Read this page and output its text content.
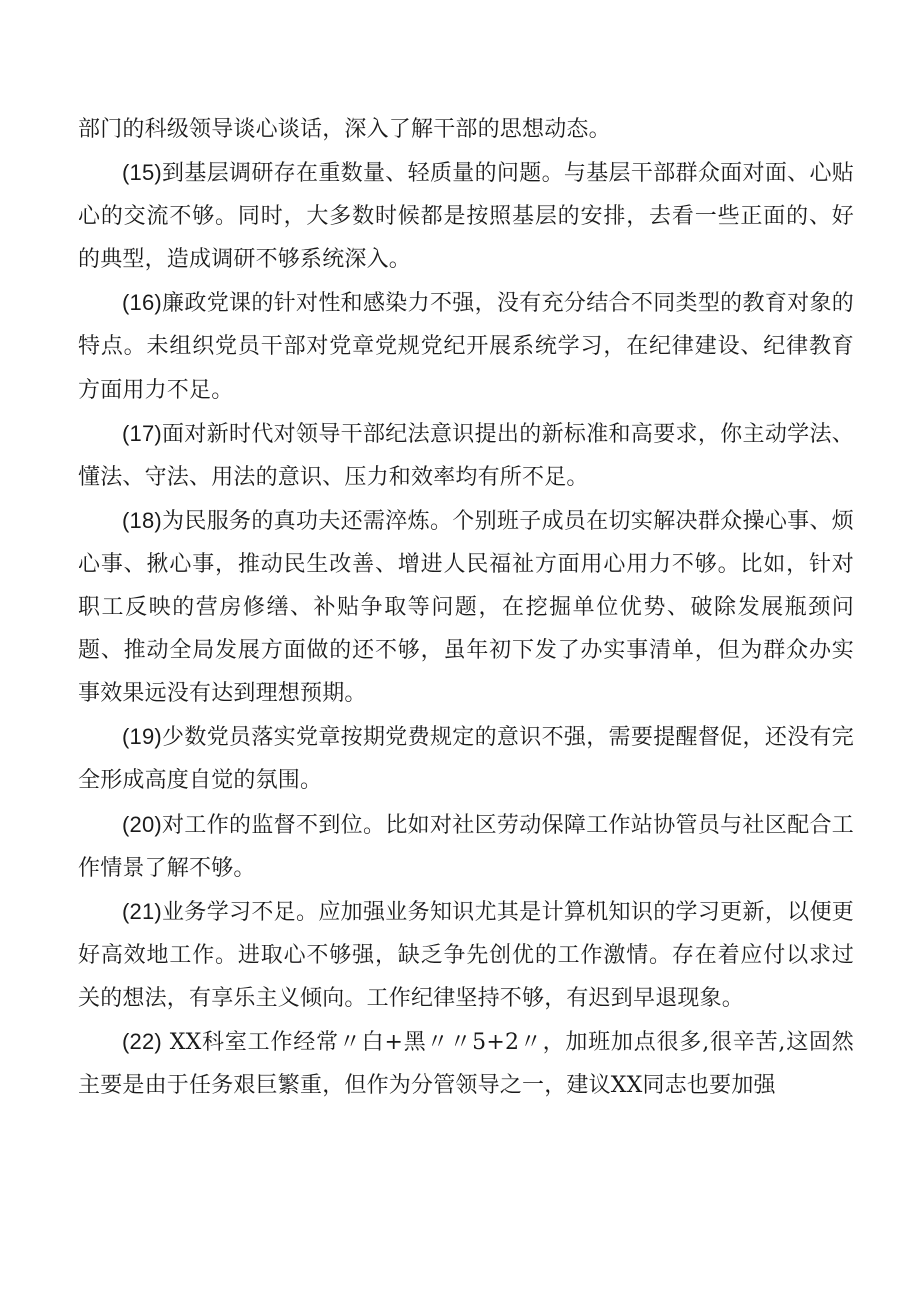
部门的科级领导谈心谈话，深入了解干部的思想动态。

(15)到基层调研存在重数量、轻质量的问题。与基层干部群众面对面、心贴心的交流不够。同时，大多数时候都是按照基层的安排，去看一些正面的、好的典型，造成调研不够系统深入。

(16)廉政党课的针对性和感染力不强，没有充分结合不同类型的教育对象的特点。未组织党员干部对党章党规党纪开展系统学习，在纪律建设、纪律教育方面用力不足。

(17)面对新时代对领导干部纪法意识提出的新标准和高要求，你主动学法、懂法、守法、用法的意识、压力和效率均有所不足。

(18)为民服务的真功夫还需淬炼。个别班子成员在切实解决群众操心事、烦心事、揪心事，推动民生改善、增进人民福祉方面用心用力不够。比如，针对职工反映的营房修缮、补贴争取等问题，在挖掘单位优势、破除发展瓶颈问题、推动全局发展方面做的还不够，虽年初下发了办实事清单，但为群众办实事效果远没有达到理想预期。

(19)少数党员落实党章按期党费规定的意识不强，需要提醒督促，还没有完全形成高度自觉的氛围。

(20)对工作的监督不到位。比如对社区劳动保障工作站协管员与社区配合工作情景了解不够。

(21)业务学习不足。应加强业务知识尤其是计算机知识的学习更新，以便更好高效地工作。进取心不够强，缺乏争先创优的工作激情。存在着应付以求过关的想法，有享乐主义倾向。工作纪律坚持不够，有迟到早退现象。

(22) XX科室工作经常〃白+黑〃〃5+2〃，加班加点很多,很辛苦,这固然主要是由于任务艰巨繁重，但作为分管领导之一，建议XX同志也要加强
